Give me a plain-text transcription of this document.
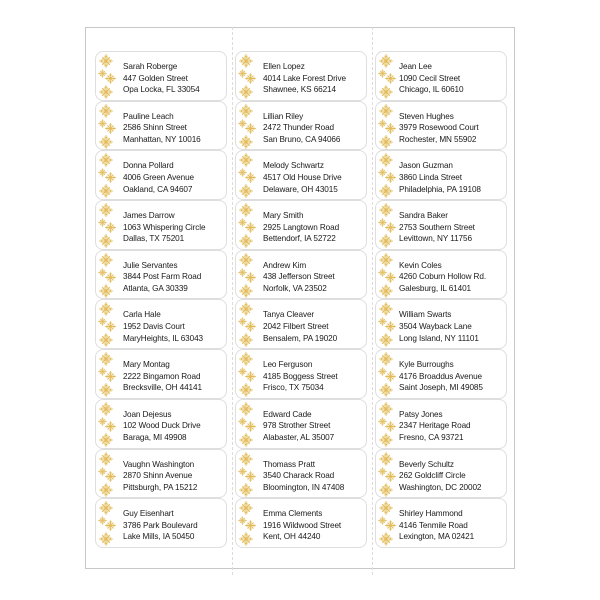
Sarah Roberge
447 Golden Street
Opa Locka, FL 33054
Ellen Lopez
4014 Lake Forest Drive
Shawnee, KS 66214
Jean Lee
1090 Cecil Street
Chicago, IL 60610
Pauline Leach
2586 Shinn Street
Manhattan, NY 10016
Lillian Riley
2472 Thunder Road
San Bruno, CA 94066
Steven Hughes
3979 Rosewood Court
Rochester, MN 55902
Donna Pollard
4006 Green Avenue
Oakland, CA 94607
Melody Schwartz
4517 Old House Drive
Delaware, OH 43015
Jason Guzman
3860 Linda Street
Philadelphia, PA 19108
James Darrow
1063 Whispering Circle
Dallas, TX 75201
Mary Smith
2925 Langtown Road
Bettendorf, IA 52722
Sandra Baker
2753 Southern Street
Levittown, NY 11756
Julie Servantes
3844 Post Farm Road
Atlanta, GA 30339
Andrew Kim
438 Jefferson Street
Norfolk, VA 23502
Kevin Coles
4260 Coburn Hollow Rd.
Galesburg, IL 61401
Carla Hale
1952 Davis Court
MaryHeights, IL 63043
Tanya Cleaver
2042 Filbert Street
Bensalem, PA 19020
William Swarts
3504 Wayback Lane
Long Island, NY 11101
Mary Montag
2222 Bingamon Road
Brecksville, OH 44141
Leo Ferguson
4185 Boggess Street
Frisco, TX 75034
Kyle Burroughs
4176 Broaddus Avenue
Saint Joseph, MI 49085
Joan Dejesus
102 Wood Duck Drive
Baraga, MI 49908
Edward Cade
978 Strother Street
Alabaster, AL 35007
Patsy Jones
2347 Heritage Road
Fresno, CA 93721
Vaughn Washington
2870 Shinn Avenue
Pittsburgh, PA 15212
Thomass Pratt
3540 Charack Road
Bloomington, IN 47408
Beverly Schultz
262 Goldcliff Circle
Washington, DC 20002
Guy Eisenhart
3786 Park Boulevard
Lake Mills, IA 50450
Emma Clements
1916 Wildwood Street
Kent, OH 44240
Shirley Hammond
4146 Tenmile Road
Lexington, MA 02421
